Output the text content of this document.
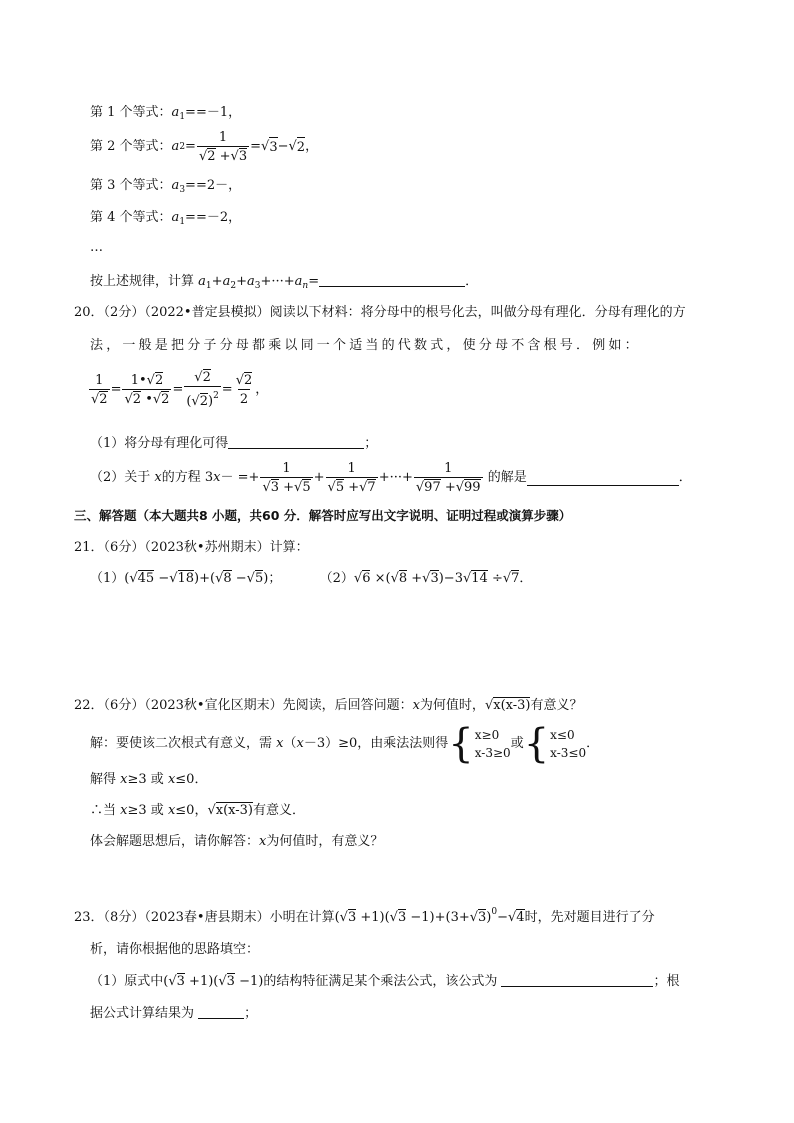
第 1 个等式：$a_1==-1$，
第 2 个等式： a $2 = \frac{1}{√2 +√3}$ =√ 3 −√ 2 ，
第 3 个等式：$a_3==2-$，
第 4 个等式：$a_1==-2$，
…
按上述规律，计算 $a_1+a_2+a_3+\cdot\cdot\cdot+a_n=$	．
20．（2分）（2022•普定县模拟）阅读以下材料：将分母中的根号化去，叫做分母有理化．分母有理化的方
法，一般是把分子分母都乘以同一个适当的代数式，使分母不含根号．例如：
$\frac{1}{√2} = \frac{1•√2}{√2 •√2} = \frac{√2}{(√2)^2} = \frac{√2}{2}$ ，
（1）将分母有理化可得	；
（2）关于
x 的方程 3 x － =+ $\frac{1}{√3 +√5} + \frac{1}{√5 +√7}$ +···+ $\frac{1}{√97 +√99}$
的解是	．
三、解答题（本大题共8 小题，共60 分．解答时应写出文字说明、证明过程或演算步骤）
21．（6分）（2023秋•苏州期末）计算：
（1）(√45 −√18)+(√8 −√5)；	（2）√6 ×(√8 +√3)−3√14 ÷√7．
22．（6分）（2023秋•宣化区期末）先阅读，后回答问题：x为何值时，√x(x-3)有意义？
解：要使该二次根式有意义，需
x （ x －3）≥0，由乘法法则得 { x≥0
x-3≥0
或 { x≤0
x-3≤0
．
解得 x≥3 或 x≤0．
∴当 x≥3 或 x≤0，√x(x-3)有意义．
体会解题思想后，请你解答：x为何值时，有意义？
23．（8分）（2023春•唐县期末）小明在计算$(√3 +1)(√3 -1)+(3+√3)^0-√4$时，先对题目进行了分
析，请你根据他的思路填空：
（1）原式中(√3 +1)(√3 −1)的结构特征满足某个乘法公式，该公式为	；根
据公式计算结果为	；
